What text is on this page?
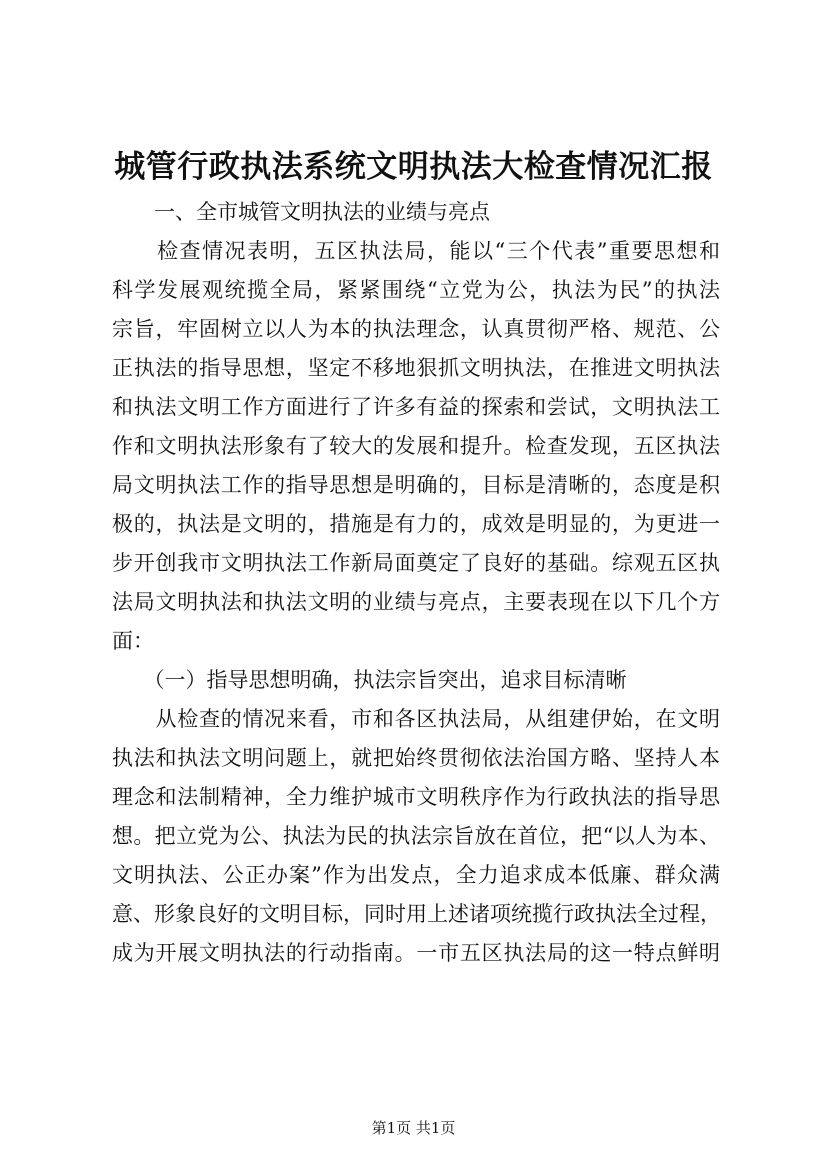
城管行政执法系统文明执法大检查情况汇报
　　一、全市城管文明执法的业绩与亮点
　　检查情况表明，五区执法局，能以“三个代表”重要思想和
科学发展观统揽全局，紧紧围绕“立党为公，执法为民”的执法
宗旨，牢固树立以人为本的执法理念，认真贯彻严格、规范、公
正执法的指导思想，坚定不移地狠抓文明执法，在推进文明执法
和执法文明工作方面进行了许多有益的探索和尝试，文明执法工
作和文明执法形象有了较大的发展和提升。检查发现，五区执法
局文明执法工作的指导思想是明确的，目标是清晰的，态度是积
极的，执法是文明的，措施是有力的，成效是明显的，为更进一
步开创我市文明执法工作新局面奠定了良好的基础。综观五区执
法局文明执法和执法文明的业绩与亮点，主要表现在以下几个方
面：
　　（一）指导思想明确，执法宗旨突出，追求目标清晰
　　从检查的情况来看，市和各区执法局，从组建伊始，在文明
执法和执法文明问题上，就把始终贯彻依法治国方略、坚持人本
理念和法制精神，全力维护城市文明秩序作为行政执法的指导思
想。把立党为公、执法为民的执法宗旨放在首位，把“以人为本、
文明执法、公正办案”作为出发点，全力追求成本低廉、群众满
意、形象良好的文明目标，同时用上述诸项统揽行政执法全过程，
成为开展文明执法的行动指南。一市五区执法局的这一特点鲜明
第1页 共1页
